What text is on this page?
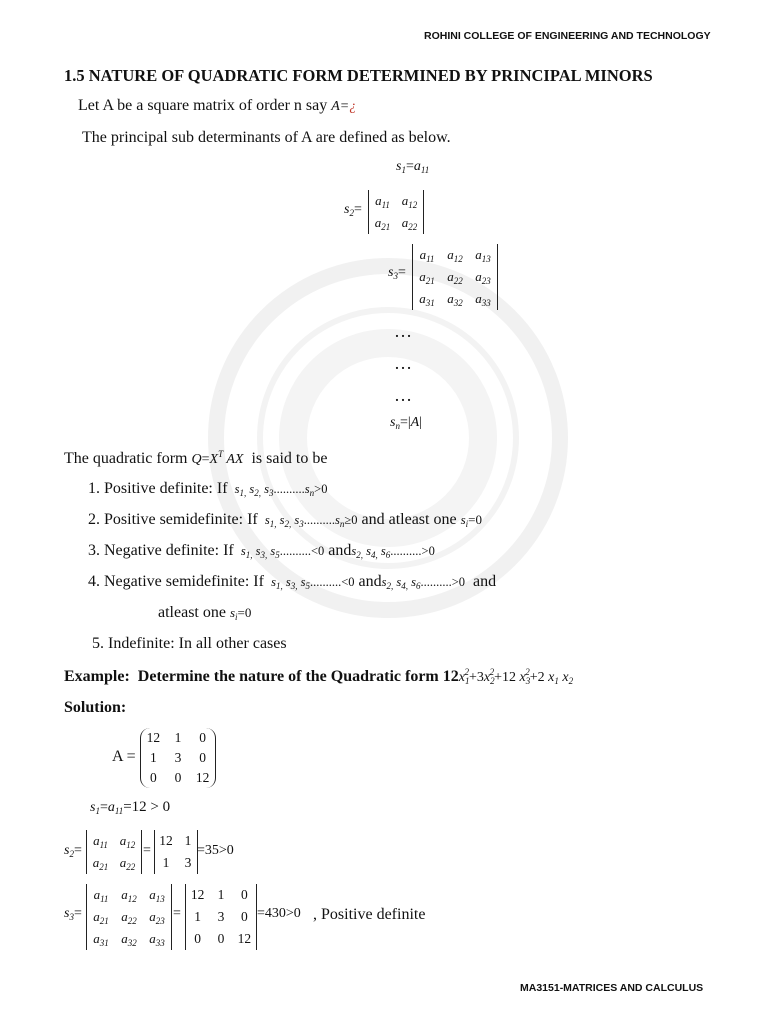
ROHINI COLLEGE OF ENGINEERING AND TECHNOLOGY
MA3151-MATRICES AND CALCULUS
1.5 NATURE OF QUADRATIC FORM DETERMINED BY PRINCIPAL MINORS
Let A be a square matrix of order n say A=¿
The principal sub determinants of A are defined as below.
$s_1=a_{11}$
$s_2=$
$a_{11}$ $a_{12}$
$a_{21}$ $a_{22}$
$s_3=$
$a_{11}$ $a_{12}$ $a_{13}$
$a_{21}$ $a_{22}$ $a_{23}$
$a_{31}$ $a_{32}$ $a_{33}$
…
…
…
$s_n=|A|$
The quadratic form $Q=X^T$ AX is said to be
1. Positive definite: If  $s_{1,}$ $s_{2,}$ $s_3..........s_n>0$
2. Positive semidefinite: If  $s_{1,}$ $s_{2,}$ $s_3..........s_n\ge 0$ and atleast one $s_i=0$
3. Negative definite: If  $s_{1,}$ $s_{3,}$ $s_5..........<0$ ands$_{2,}$ $s_{4,}$ $s_6..........>0$
4. Negative semidefinite: If  $s_{1,}$ $s_{3,}$ $s_5..........<0$ ands$_{2,}$ $s_{4,}$ $s_6..........>0$ and
atleast one $s_i=0$
5. Indefinite: In all other cases
Example: Determine the nature of the Quadratic form $12x_1^2+3x_2^2+12$ $x_3^2+2$ $x_1$ $x_2$
Solution:
A =
12	1	0
1	3	0
0	0	12
$s_1=a_{11}=12 > 0$
$s_2=$
$a_{11}$ $a_{12}$
$a_{21}$ $a_{22}$
=
12 1
1	3
=35>0
$s_3=$
$a_{11}$ $a_{12}$ $a_{13}$
$a_{21}$ $a_{22}$ $a_{23}$
$a_{31}$ $a_{32}$ $a_{33}$
=
12 1	0
1	3	0
0	0 12
=430>0 , Positive definite
